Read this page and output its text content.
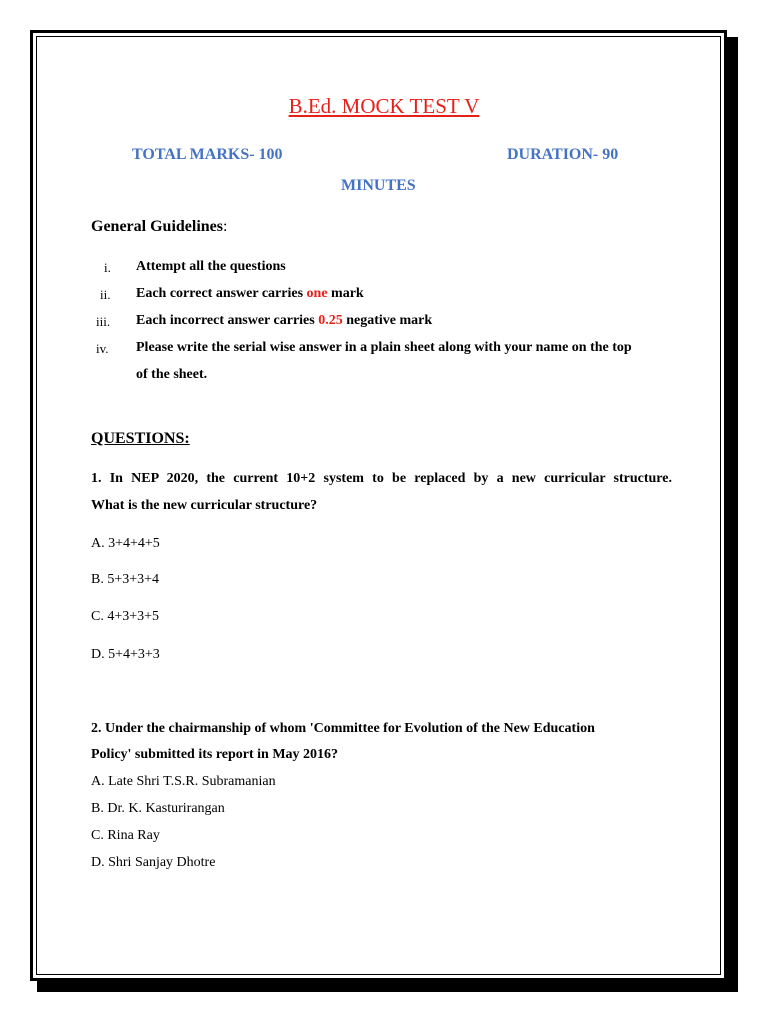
B.Ed. MOCK TEST V
TOTAL MARKS- 100	DURATION- 90
MINUTES
General Guidelines:
i. Attempt all the questions
ii. Each correct answer carries one mark
iii. Each incorrect answer carries 0.25 negative mark
iv. Please write the serial wise answer in a plain sheet along with your name on the top
of the sheet.
QUESTIONS:
1. In NEP 2020, the current 10+2 system to be replaced by a new curricular structure.
What is the new curricular structure?
A. 3+4+4+5
B. 5+3+3+4
C. 4+3+3+5
D. 5+4+3+3
2. Under the chairmanship of whom 'Committee for Evolution of the New Education
Policy' submitted its report in May 2016?
A. Late Shri T.S.R. Subramanian
B. Dr. K. Kasturirangan
C. Rina Ray
D. Shri Sanjay Dhotre
